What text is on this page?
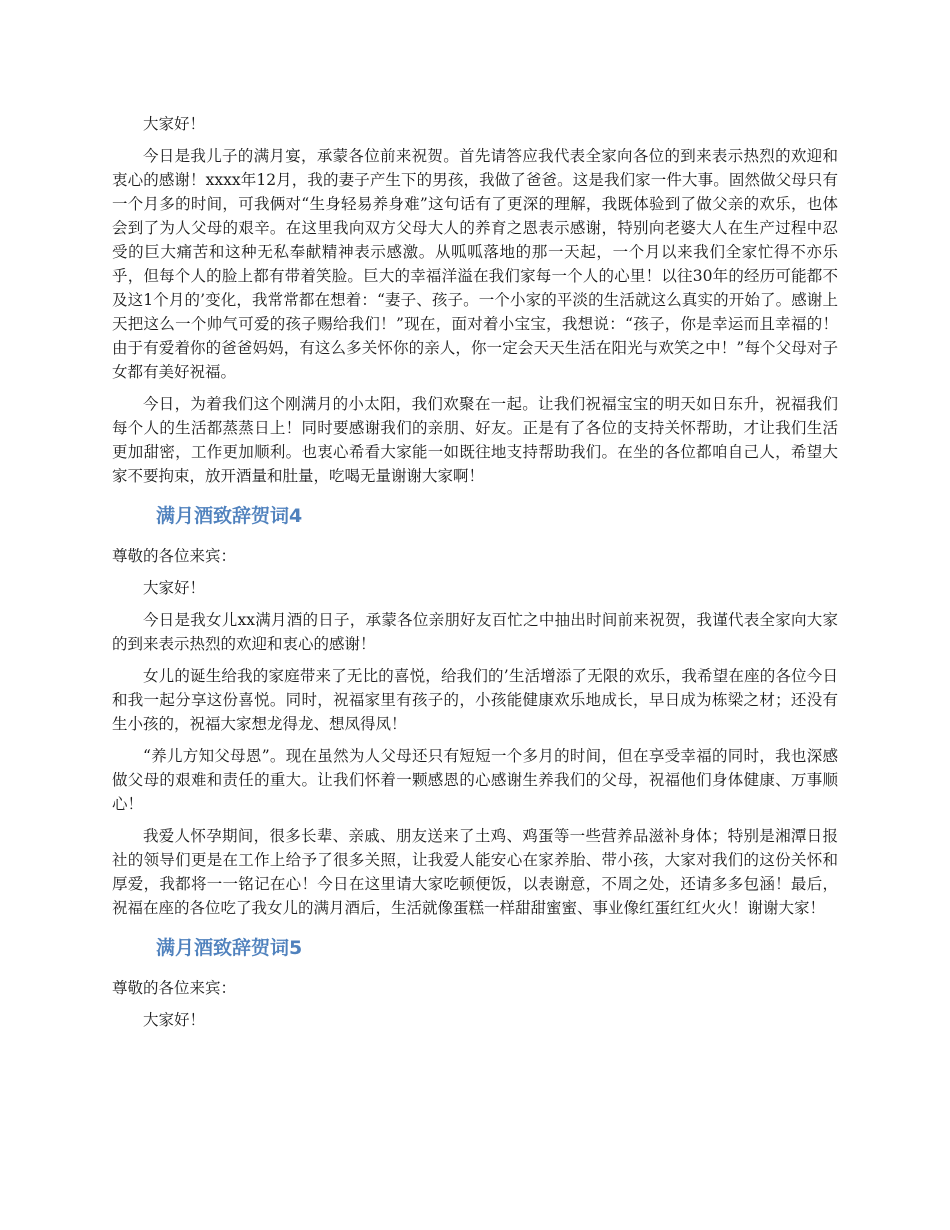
大家好！

今日是我儿子的满月宴，承蒙各位前来祝贺。首先请答应我代表全家向各位的到来表示热烈的欢迎和衷心的感谢！xxxx年12月，我的妻子产生下的男孩，我做了爸爸。这是我们家一件大事。固然做父母只有一个月多的时间，可我俩对“生身轻易养身难”这句话有了更深的理解，我既体验到了做父亲的欢乐，也体会到了为人父母的艰辛。在这里我向双方父母大人的养育之恩表示感谢，特别向老婆大人在生产过程中忍受的巨大痛苦和这种无私奉献精神表示感激。从呱呱落地的那一天起，一个月以来我们全家忙得不亦乐乎，但每个人的脸上都有带着笑脸。巨大的幸福洋溢在我们家每一个人的心里！以往30年的经历可能都不及这1个月的’变化，我常常都在想着：“妻子、孩子。一个小家的平淡的生活就这么真实的开始了。感谢上天把这么一个帅气可爱的孩子赐给我们！”现在，面对着小宝宝，我想说：“孩子，你是幸运而且幸福的！由于有爱着你的爸爸妈妈，有这么多关怀你的亲人，你一定会天天生活在阳光与欢笑之中！”每个父母对子女都有美好祝福。

今日，为着我们这个刚满月的小太阳，我们欢聚在一起。让我们祝福宝宝的明天如日东升，祝福我们每个人的生活都蒸蒸日上！同时要感谢我们的亲朋、好友。正是有了各位的支持关怀帮助，才让我们生活更加甜密，工作更加顺利。也衷心希看大家能一如既往地支持帮助我们。在坐的各位都咱自己人，希望大家不要拘束，放开酒量和肚量，吃喝无量谢谢大家啊！

满月酒致辞贺词4

尊敬的各位来宾：

大家好！

今日是我女儿xx满月酒的日子，承蒙各位亲朋好友百忙之中抽出时间前来祝贺，我谨代表全家向大家的到来表示热烈的欢迎和衷心的感谢！

女儿的诞生给我的家庭带来了无比的喜悦，给我们的’生活增添了无限的欢乐，我希望在座的各位今日和我一起分享这份喜悦。同时，祝福家里有孩子的，小孩能健康欢乐地成长，早日成为栋梁之材；还没有生小孩的，祝福大家想龙得龙、想凤得凤！

“养儿方知父母恩”。现在虽然为人父母还只有短短一个多月的时间，但在享受幸福的同时，我也深感做父母的艰难和责任的重大。让我们怀着一颗感恩的心感谢生养我们的父母，祝福他们身体健康、万事顺心！

我爱人怀孕期间，很多长辈、亲戚、朋友送来了土鸡、鸡蛋等一些营养品滋补身体；特别是湘潭日报社的领导们更是在工作上给予了很多关照，让我爱人能安心在家养胎、带小孩，大家对我们的这份关怀和厚爱，我都将一一铭记在心！今日在这里请大家吃顿便饭，以表谢意，不周之处，还请多多包涵！最后，祝福在座的各位吃了我女儿的满月酒后，生活就像蛋糕一样甜甜蜜蜜、事业像红蛋红红火火！谢谢大家！

满月酒致辞贺词5

尊敬的各位来宾：

大家好！
